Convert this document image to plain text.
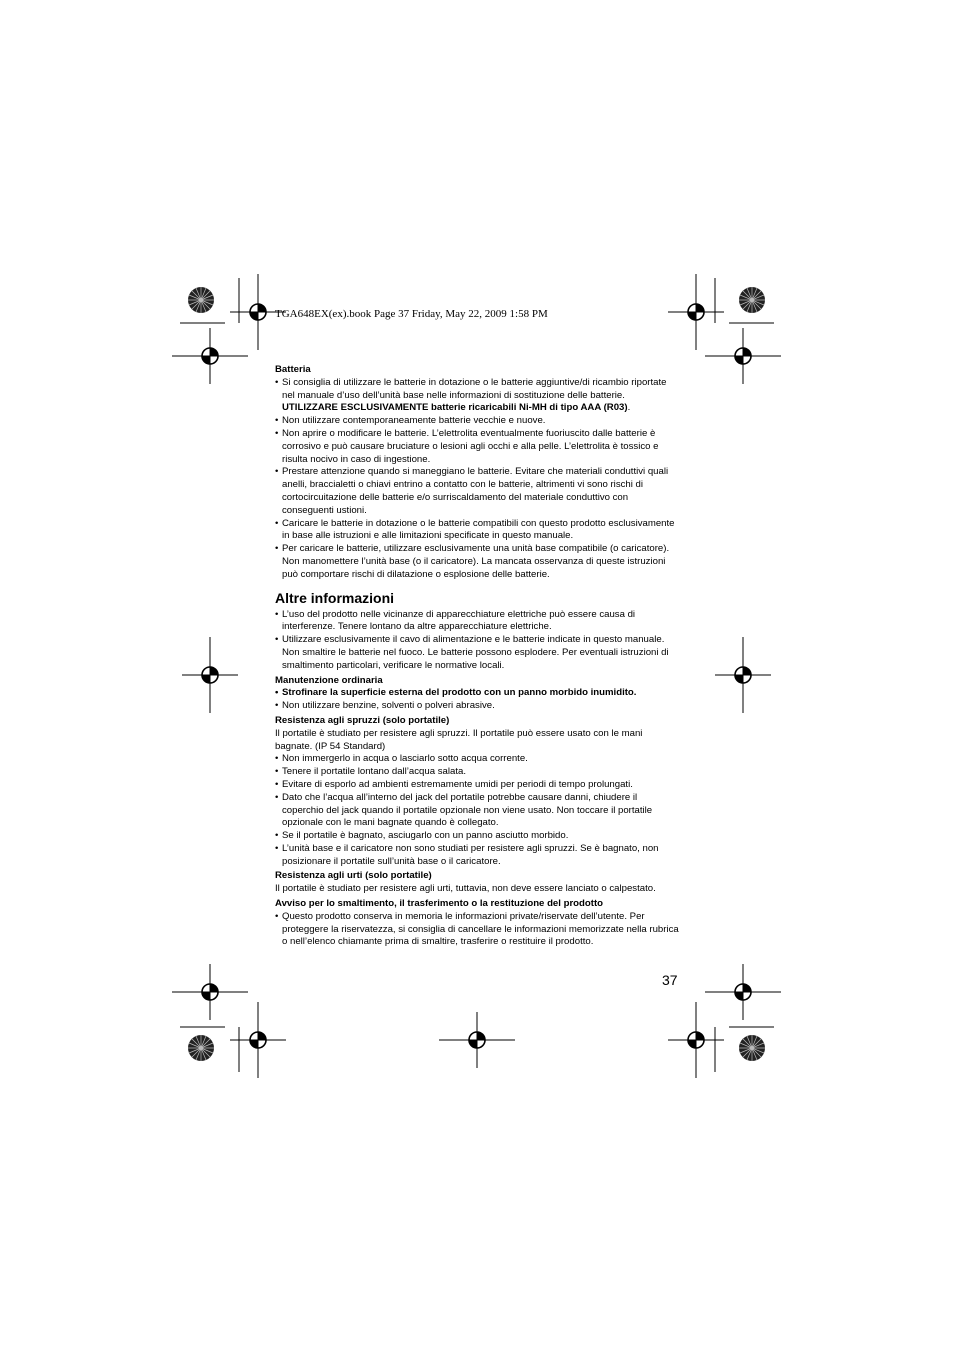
TGA648EX(ex).book Page 37 Friday, May 22, 2009 1:58 PM

Batteria

• Si consiglia di utilizzare le batterie in dotazione o le batterie aggiuntive/di ricambio riportate nel manuale d’uso dell’unità base nelle informazioni di sostituzione delle batterie.
UTILIZZARE ESCLUSIVAMENTE batterie ricaricabili Ni-MH di tipo AAA (R03).
• Non utilizzare contemporaneamente batterie vecchie e nuove.
• Non aprire o modificare le batterie. L’elettrolita eventualmente fuoriuscito dalle batterie è corrosivo e può causare bruciature o lesioni agli occhi e alla pelle. L’elettrolita è tossico e risulta nocivo in caso di ingestione.
• Prestare attenzione quando si maneggiano le batterie. Evitare che materiali conduttivi quali anelli, braccialetti o chiavi entrino a contatto con le batterie, altrimenti vi sono rischi di cortocircuitazione delle batterie e/o surriscaldamento del materiale conduttivo con conseguenti ustioni.
• Caricare le batterie in dotazione o le batterie compatibili con questo prodotto esclusivamente in base alle istruzioni e alle limitazioni specificate in questo manuale.
• Per caricare le batterie, utilizzare esclusivamente una unità base compatibile (o caricatore). Non manomettere l’unità base (o il caricatore). La mancata osservanza di queste istruzioni può comportare rischi di dilatazione o esplosione delle batterie.

Altre informazioni

• L’uso del prodotto nelle vicinanze di apparecchiature elettriche può essere causa di interferenze. Tenere lontano da altre apparecchiature elettriche.
• Utilizzare esclusivamente il cavo di alimentazione e le batterie indicate in questo manuale. Non smaltire le batterie nel fuoco. Le batterie possono esplodere. Per eventuali istruzioni di smaltimento particolari, verificare le normative locali.

Manutenzione ordinaria

• Strofinare la superficie esterna del prodotto con un panno morbido inumidito.
• Non utilizzare benzine, solventi o polveri abrasive.

Resistenza agli spruzzi (solo portatile)

Il portatile è studiato per resistere agli spruzzi. Il portatile può essere usato con le mani bagnate. (IP 54 Standard)

• Non immergerlo in acqua o lasciarlo sotto acqua corrente.
• Tenere il portatile lontano dall’acqua salata.
• Evitare di esporlo ad ambienti estremamente umidi per periodi di tempo prolungati.
• Dato che l’acqua all’interno del jack del portatile potrebbe causare danni, chiudere il coperchio del jack quando il portatile opzionale non viene usato. Non toccare il portatile opzionale con le mani bagnate quando è collegato.
• Se il portatile è bagnato, asciugarlo con un panno asciutto morbido.
• L’unità base e il caricatore non sono studiati per resistere agli spruzzi. Se è bagnato, non posizionare il portatile sull’unità base o il caricatore.

Resistenza agli urti (solo portatile)

Il portatile è studiato per resistere agli urti, tuttavia, non deve essere lanciato o calpestato.

Avviso per lo smaltimento, il trasferimento o la restituzione del prodotto

• Questo prodotto conserva in memoria le informazioni private/riservate dell’utente. Per proteggere la riservatezza, si consiglia di cancellare le informazioni memorizzate nella rubrica o nell’elenco chiamante prima di smaltire, trasferire o restituire il prodotto.
37
